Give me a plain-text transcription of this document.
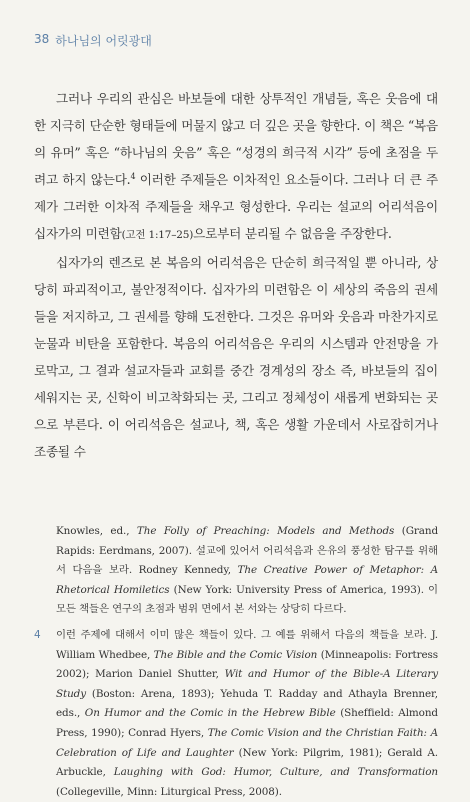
38 하나님의 어릿광대

그러나 우리의 관심은 바보들에 대한 상투적인 개념들, 혹은 웃음에 대한 지극히 단순한 형태들에 머물지 않고 더 깊은 곳을 향한다. 이 책은 “복음의 유머” 혹은 “하나님의 웃음” 혹은 “성경의 희극적 시각” 등에 초점을 두려고 하지 않는다.$^4$ 이러한 주제들은 이차적인 요소들이다. 그러나 더 큰 주제가 그러한 이차적 주제들을 채우고 형성한다. 우리는 설교의 어리석음이 십자가의 미련함(고전 1:17–25)으로부터 분리될 수 없음을 주장한다.

십자가의 렌즈로 본 복음의 어리석음은 단순히 희극적일 뿐 아니라, 상당히 파괴적이고, 불안정적이다. 십자가의 미련함은 이 세상의 죽음의 권세들을 저지하고, 그 권세를 향해 도전한다. 그것은 유머와 웃음과 마찬가지로 눈물과 비탄을 포함한다. 복음의 어리석음은 우리의 시스템과 안전망을 가로막고, 그 결과 설교자들과 교회를 중간 경계성의 장소 즉, 바보들의 집이 세워지는 곳, 신학이 비고착화되는 곳, 그리고 정체성이 새롭게 변화되는 곳으로 부른다. 이 어리석음은 설교나, 책, 혹은 생활 가운데서 사로잡히거나 조종될 수

Knowles, ed., The Folly of Preaching: Models and Methods (Grand Rapids: Eerdmans, 2007). 설교에 있어서 어리석음과 은유의 풍성한 탐구를 위해서 다음을 보라. Rodney Kennedy, The Creative Power of Metaphor: A Rhetorical Homiletics (New York: University Press of America, 1993). 이 모든 책들은 연구의 초점과 범위 면에서 본 서와는 상당히 다르다.
4	이런 주제에 대해서 이미 많은 책들이 있다. 그 예를 위해서 다음의 책들을 보라. J. William Whedbee, The Bible and the Comic Vision (Minneapolis: Fortress 2002); Marion Daniel Shutter, Wit and Humor of the Bible-A Literary Study (Boston: Arena, 1893); Yehuda T. Radday and Athayla Brenner, eds., On Humor and the Comic in the Hebrew Bible (Sheffield: Almond Press, 1990); Conrad Hyers, The Comic Vision and the Christian Faith: A Celebration of Life and Laughter (New York: Pilgrim, 1981); Gerald A. Arbuckle, Laughing with God: Humor, Culture, and Transformation (Collegeville, Minn: Liturgical Press, 2008).
